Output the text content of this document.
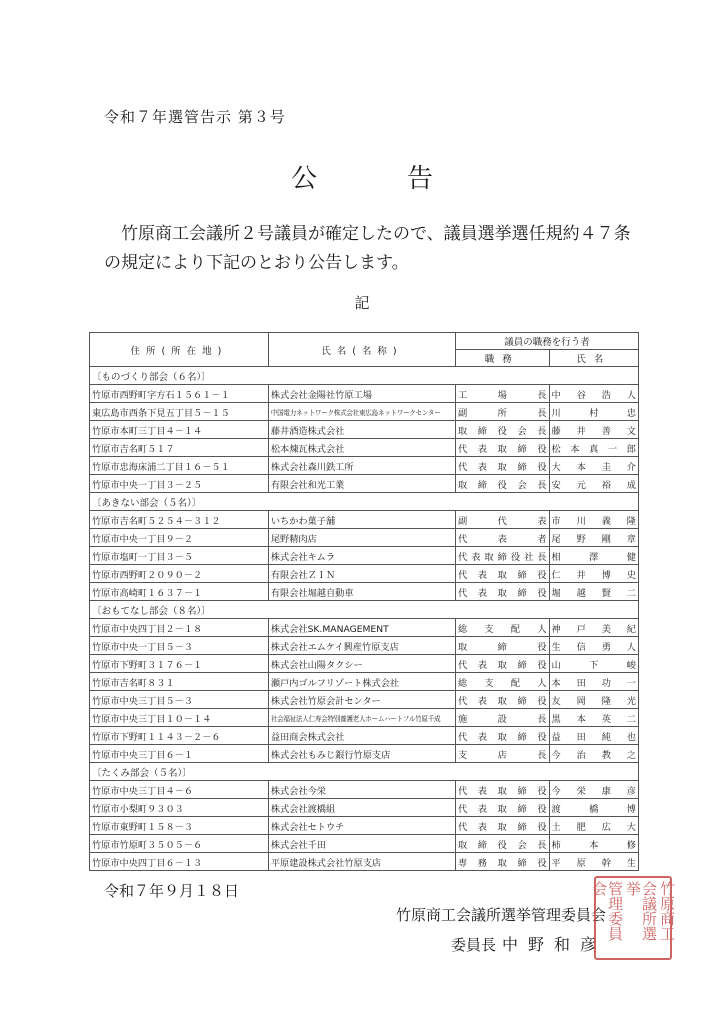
令和７年選管告示 第３号
公告
竹原商工会議所２号議員が確定したので、議員選挙選任規約４７条の規定により下記のとおり公告します。
記
住所(所在地)	氏名(名称)	議員の職務を行う者	
		職務	氏名
〔ものづくり部会（６名）〕			
竹原市西野町字方石１５６１－１	株式会社金陽社竹原工場	工場長	中谷浩人
東広島市西条下見五丁目５－１５	中国電力ネットワーク株式会社東広島ネットワークセンター	副所長	川村忠
竹原市本町三丁目４－１４	藤井酒造株式会社	取締役会長	藤井善文
竹原市吉名町５１７	松本煉瓦株式会社	代表取締役	松本真一郎
竹原市忠海床浦二丁目１６－５１	株式会社森川鉄工所	代表取締役	大本圭介
竹原市中央一丁目３－２５	有限会社和光工業	取締役会長	安元裕成
〔あきない部会（５名）〕			
竹原市吉名町５２５４－３１２	いちかわ菓子舗	副代表	市川義隆
竹原市中央一丁目９－２	尾野精肉店	代表者	尾野剛章
竹原市塩町一丁目３－５	株式会社キムラ	代表取締役社長	相澤健
竹原市西野町２０９０－２	有限会社ＺＩＮ	代表取締役	仁井博史
竹原市高崎町１６３７－１	有限会社堀越自動車	代表取締役	堀越賢二
〔おもてなし部会（８名）〕			
竹原市中央四丁目２－１８	株式会社SK.MANAGEMENT	総支配人	神戸美紀
竹原市中央一丁目５－３	株式会社エムケイ興産竹原支店	取締役	生信勇人
竹原市下野町３１７６－１	株式会社山陽タクシー	代表取締役	山下峻
竹原市吉名町８３１	瀬戸内ゴルフリゾート株式会社	総支配人	本田功一
竹原市中央三丁目５－３	株式会社竹原会計センター	代表取締役	友岡隆光
竹原市中央三丁目１０－１４	社会福祉法人仁寿会特別養護老人ホームハートフル竹原千成	施設長	黒本英二
竹原市下野町１１４３－２－６	益田商会株式会社	代表取締役	益田純也
竹原市中央三丁目６－１	株式会社もみじ銀行竹原支店	支店長	今治教之
〔たくみ部会（５名）〕			
竹原市中央三丁目４－６	株式会社今栄	代表取締役	今栄康彦
竹原市小梨町９３０３	株式会社渡橋組	代表取締役	渡橋博
竹原市東野町１５８－３	株式会社セトウチ	代表取締役	土肥広大
竹原市竹原町３５０５－６	株式会社千田	取締役会長	柿本修
竹原市中央四丁目６－１３	平原建設株式会社竹原支店	専務取締役	平原幹生
令和７年９月１８日
竹原商工会議所選挙管理委員会
委員長 中野和彦
竹原商工
会議所選挙
管理委員会
